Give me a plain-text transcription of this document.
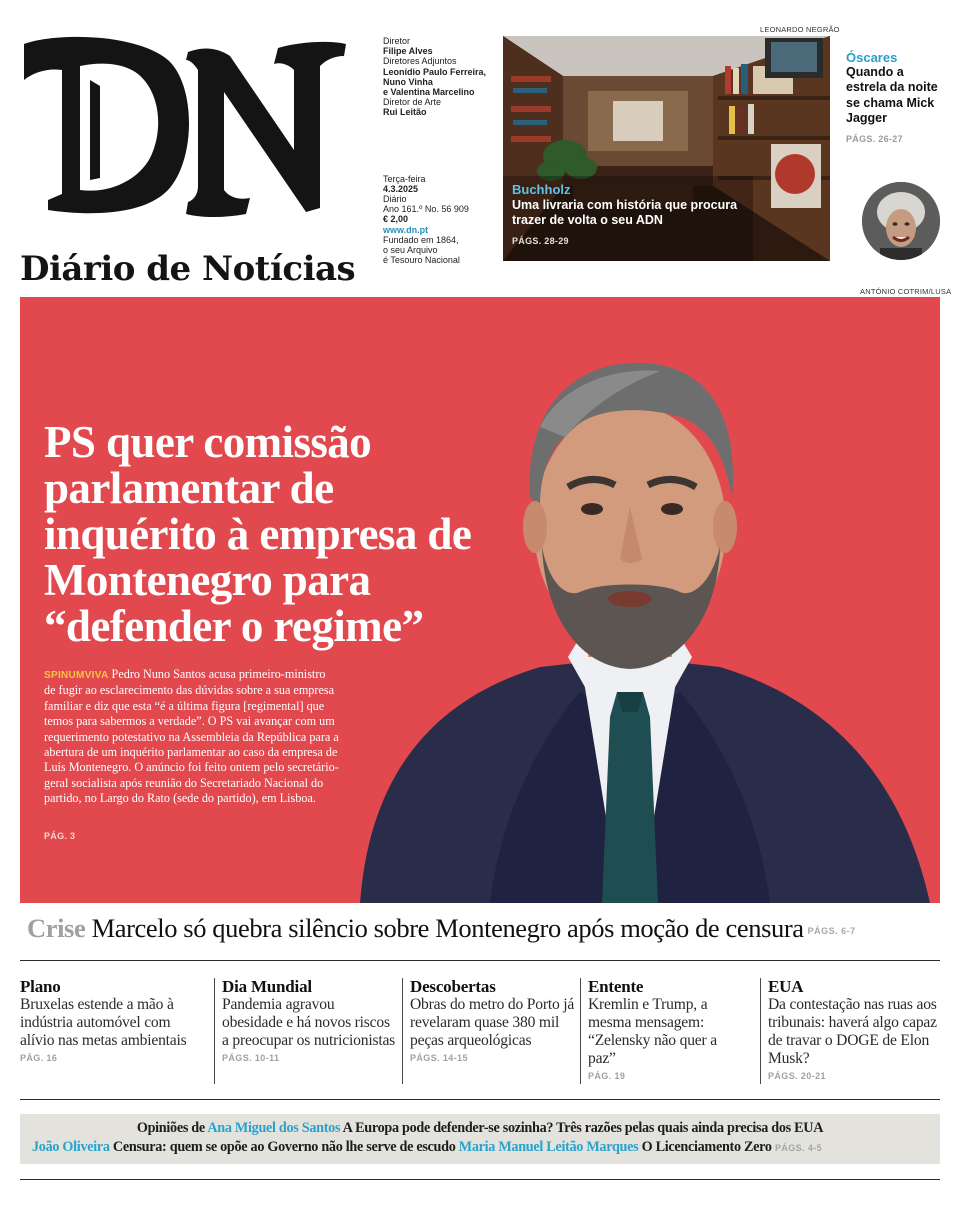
Diário de Notícias
Diretor
Filipe Alves
Diretores Adjuntos
Leonídio Paulo Ferreira,
Nuno Vinha
e Valentina Marcelino
Diretor de Arte
Rui Leitão
Terça-feira
4.3.2025
Diário
Ano 161.º No. 56 909
€ 2,00
www.dn.pt
Fundado em 1864,
o seu Arquivo
é Tesouro Nacional
LEONARDO NEGRÃO
Buchholz
Uma livraria com história que procura trazer de volta o seu ADN
PÁGS. 28-29
Óscares
Quando a estrela da noite se chama Mick Jagger
PÁGS. 26-27
ANTÓNIO COTRIM/LUSA
PS quer comissão parlamentar de inquérito à empresa de Montenegro para “defender o regime”
SPINUMVIVA Pedro Nuno Santos acusa primeiro-ministro de fugir ao esclarecimento das dúvidas sobre a sua empresa familiar e diz que esta “é a última figura [regimental] que temos para sabermos a verdade”. O PS vai avançar com um requerimento potestativo na Assembleia da República para a abertura de um inquérito parlamentar ao caso da empresa de Luís Montenegro. O anúncio foi feito ontem pelo secretário-geral socialista após reunião do Secretariado Nacional do partido, no Largo do Rato (sede do partido), em Lisboa.
PÁG. 3
Crise Marcelo só quebra silêncio sobre Montenegro após moção de censura PÁGS. 6-7
Plano
Bruxelas estende a mão à indústria automóvel com alívio nas metas ambientais
PÁG. 16
Dia Mundial
Pandemia agravou obesidade e há novos riscos a preocupar os nutricionistas
PÁGS. 10-11
Descobertas
Obras do metro do Porto já revelaram quase 380 mil peças arqueológicas
PÁGS. 14-15
Entente
Kremlin e Trump, a mesma mensagem: “Zelensky não quer a paz”
PÁG. 19
EUA
Da contestação nas ruas aos tribunais: haverá algo capaz de travar o DOGE de Elon Musk?
PÁGS. 20-21
Opiniões de Ana Miguel dos Santos A Europa pode defender-se sozinha? Três razões pelas quais ainda precisa dos EUA
João Oliveira Censura: quem se opõe ao Governo não lhe serve de escudo Maria Manuel Leitão Marques O Licenciamento Zero PÁGS. 4-5
